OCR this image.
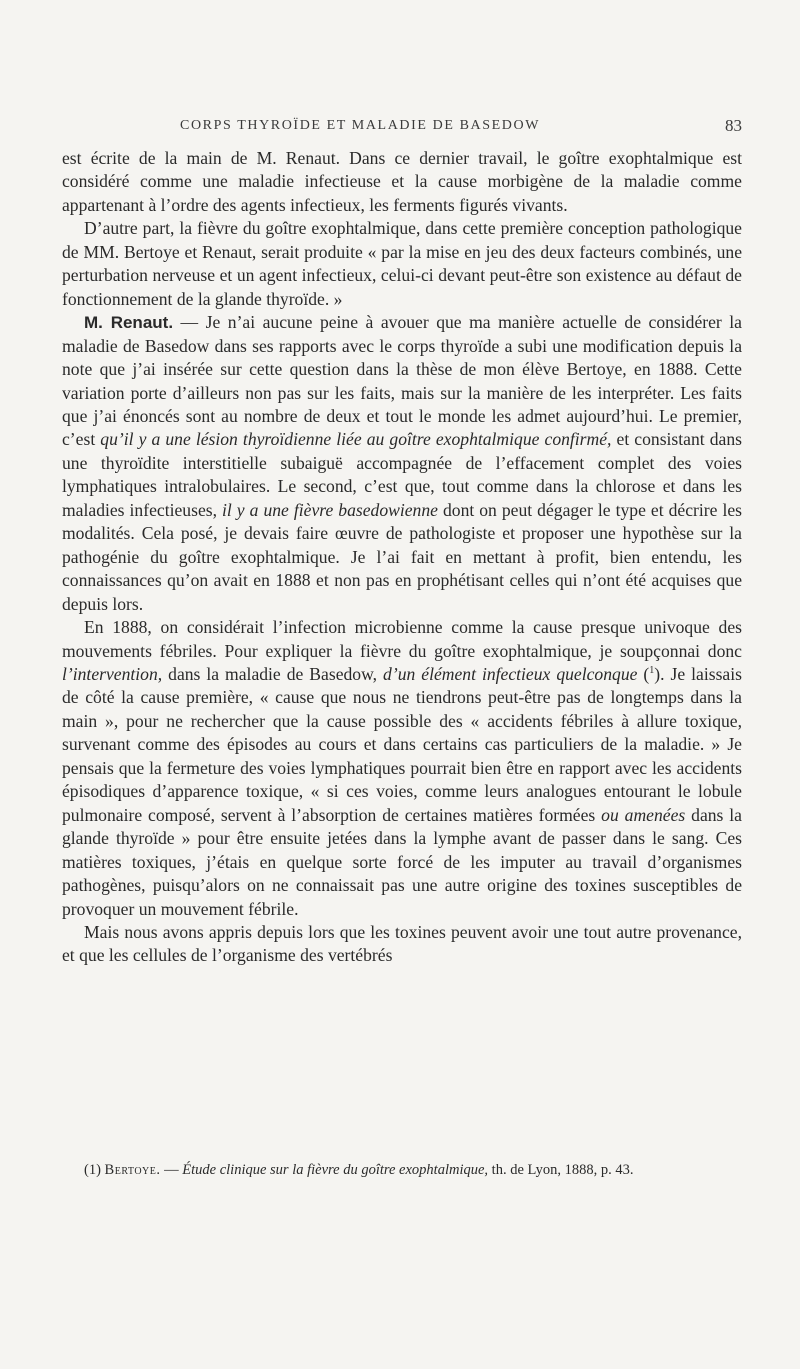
CORPS THYROÏDE ET MALADIE DE BASEDOW	83

est écrite de la main de M. Renaut. Dans ce dernier travail, le goître exophtalmique est considéré comme une maladie infectieuse et la cause morbigène de la maladie comme appartenant à l’ordre des agents infectieux, les ferments figurés vivants.

D’autre part, la fièvre du goître exophtalmique, dans cette première conception pathologique de MM. Bertoye et Renaut, serait produite « par la mise en jeu des deux facteurs combinés, une perturbation nerveuse et un agent infectieux, celui-ci devant peut-être son existence au défaut de fonctionnement de la glande thyroïde. »

M. Renaut. — Je n’ai aucune peine à avouer que ma manière actuelle de considérer la maladie de Basedow dans ses rapports avec le corps thyroïde a subi une modification depuis la note que j’ai insérée sur cette question dans la thèse de mon élève Bertoye, en 1888. Cette variation porte d’ailleurs non pas sur les faits, mais sur la manière de les interpréter. Les faits que j’ai énoncés sont au nombre de deux et tout le monde les admet aujourd’hui. Le premier, c’est qu’il y a une lésion thyroïdienne liée au goître exophtalmique confirmé, et consistant dans une thyroïdite interstitielle subaiguë accompagnée de l’effacement complet des voies lymphatiques intralobulaires. Le second, c’est que, tout comme dans la chlorose et dans les maladies infectieuses, il y a une fièvre basedowienne dont on peut dégager le type et décrire les modalités. Cela posé, je devais faire œuvre de pathologiste et proposer une hypothèse sur la pathogénie du goître exophtalmique. Je l’ai fait en mettant à profit, bien entendu, les connaissances qu’on avait en 1888 et non pas en prophétisant celles qui n’ont été acquises que depuis lors.

En 1888, on considérait l’infection microbienne comme la cause presque univoque des mouvements fébriles. Pour expliquer la fièvre du goître exophtalmique, je soupçonnai donc l’intervention, dans la maladie de Basedow, d’un élément infectieux quelconque ($^1$). Je laissais de côté la cause première, « cause que nous ne tiendrons peut-être pas de longtemps dans la main », pour ne rechercher que la cause possible des « accidents fébriles à allure toxique, survenant comme des épisodes au cours et dans certains cas particuliers de la maladie. » Je pensais que la fermeture des voies lymphatiques pourrait bien être en rapport avec les accidents épisodiques d’apparence toxique, « si ces voies, comme leurs analogues entourant le lobule pulmonaire composé, servent à l’absorption de certaines matières formées ou amenées dans la glande thyroïde » pour être ensuite jetées dans la lymphe avant de passer dans le sang. Ces matières toxiques, j’étais en quelque sorte forcé de les imputer au travail d’organismes pathogènes, puisqu’alors on ne connaissait pas une autre origine des toxines susceptibles de provoquer un mouvement fébrile.

Mais nous avons appris depuis lors que les toxines peuvent avoir une tout autre provenance, et que les cellules de l’organisme des vertébrés

(1) Bertoye. — Étude clinique sur la fièvre du goître exophtalmique, th. de Lyon, 1888, p. 43.
